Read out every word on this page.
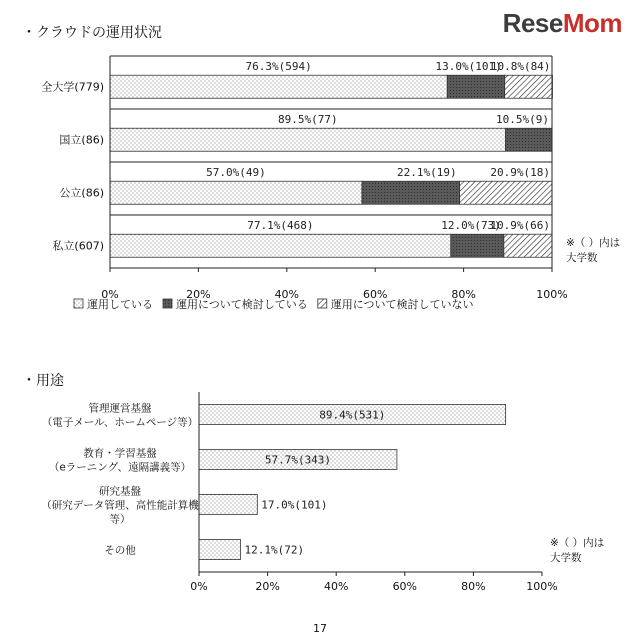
・クラウドの運用状況
全大学(779)
76.3%(594)	13.0%(101)
10.8%(84)
国立(86)
89.5%(77)	10.5%(9)
公立(86)
57.0%(49)	22.1%(19)	20.9%(18)
私立(607)
77.1%(468)	12.0%(73)
10.9%(66)
0%	20%	40%	60%	80%	100%
※（ ）内は
大学数
運用している 運用について検討している 運用について検討していない
・用途
管理運営基盤
（電子メール、ホームページ等）
89.4%(531)
教育・学習基盤
（eラーニング、遠隔講義等）
57.7%(343)
研究基盤
（研究データ管理、高性能計算機
等）
17.0%(101)
その他	12.1%(72)
0%	20%	40%	60%	80%	100%
※（ ）内は
大学数
17
ReseMom
